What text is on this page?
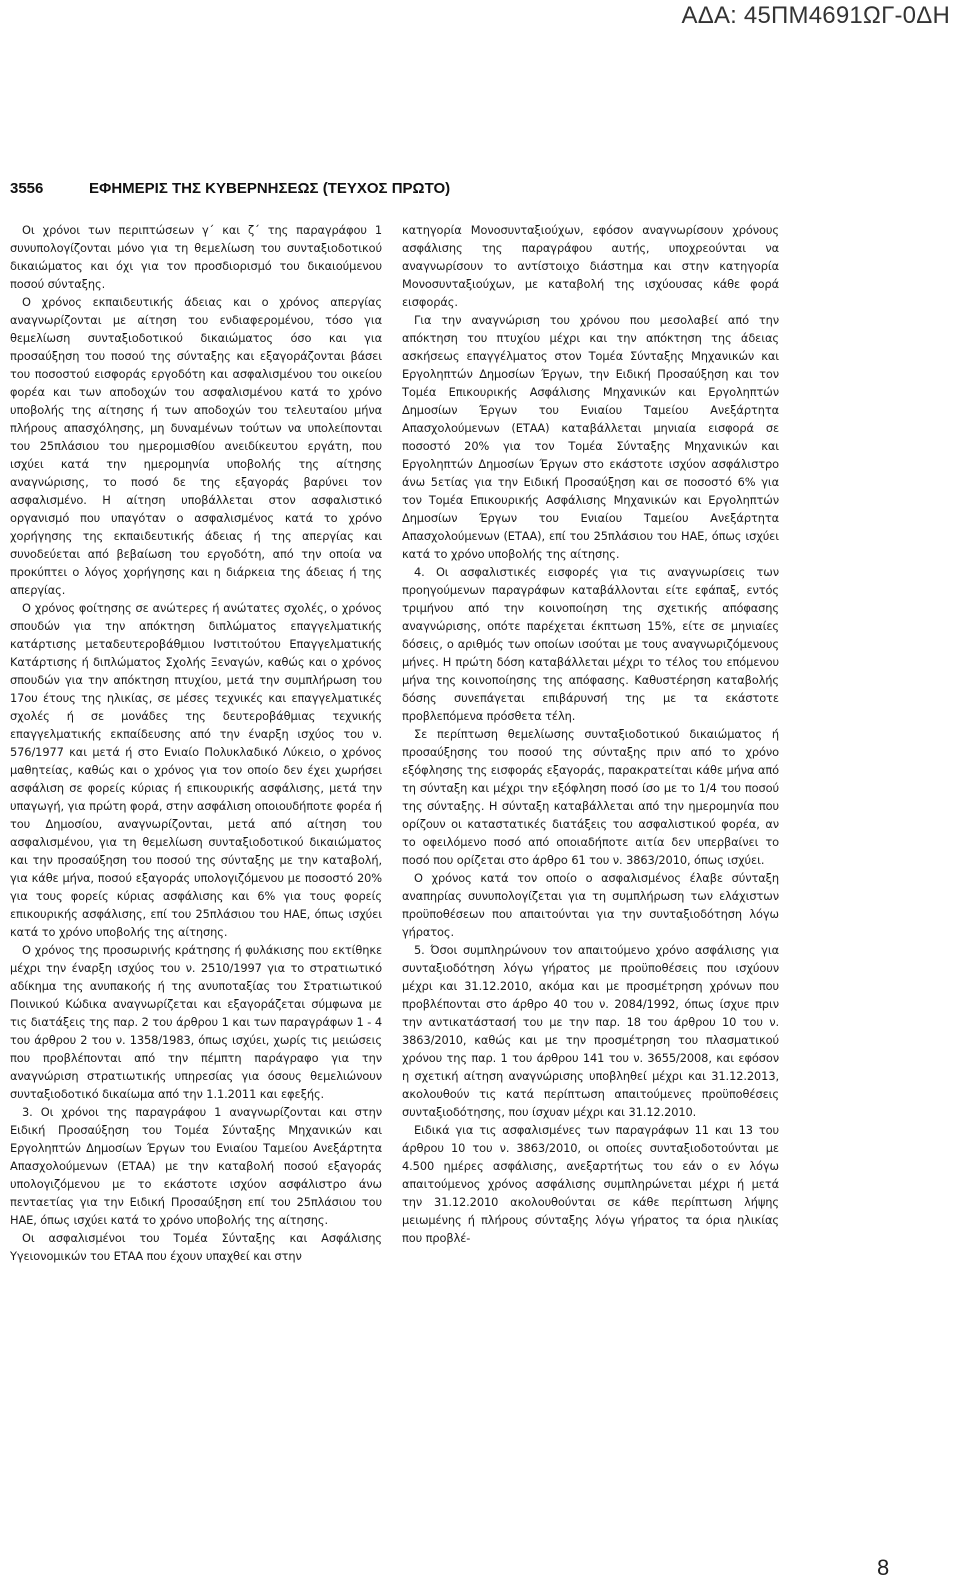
ΑΔΑ: 45ΠΜ4691ΩΓ-0ΔΗ
3556	ΕΦΗΜΕΡΙΣ ΤΗΣ ΚΥΒΕΡΝΗΣΕΩΣ (ΤΕΥΧΟΣ ΠΡΩΤΟ)

Οι χρόνοι των περιπτώσεων γ΄ και ζ΄ της παραγράφου 1 συνυπολογίζονται μόνο για τη θεμελίωση του συνταξιοδοτικού δικαιώματος και όχι για τον προσδιορισμό του δικαιούμενου ποσού σύνταξης.

Ο χρόνος εκπαιδευτικής άδειας και ο χρόνος απεργίας αναγνωρίζονται με αίτηση του ενδιαφερομένου, τόσο για θεμελίωση συνταξιοδοτικού δικαιώματος όσο και για προσαύξηση του ποσού της σύνταξης και εξαγοράζονται βάσει του ποσοστού εισφοράς εργοδότη και ασφαλισμένου του οικείου φορέα και των αποδοχών του ασφαλισμένου κατά το χρόνο υποβολής της αίτησης ή των αποδοχών του τελευταίου μήνα πλήρους απασχόλησης, μη δυναμένων τούτων να υπολείπονται του 25πλάσιου του ημερομισθίου ανειδίκευτου εργάτη, που ισχύει κατά την ημερομηνία υποβολής της αίτησης αναγνώρισης, το ποσό δε της εξαγοράς βαρύνει τον ασφαλισμένο. Η αίτηση υποβάλλεται στον ασφαλιστικό οργανισμό που υπαγόταν ο ασφαλισμένος κατά το χρόνο χορήγησης της εκπαιδευτικής άδειας ή της απεργίας και συνοδεύεται από βεβαίωση του εργοδότη, από την οποία να προκύπτει ο λόγος χορήγησης και η διάρκεια της άδειας ή της απεργίας.

Ο χρόνος φοίτησης σε ανώτερες ή ανώτατες σχολές, ο χρόνος σπουδών για την απόκτηση διπλώματος επαγγελματικής κατάρτισης μεταδευτεροβάθμιου Ινστιτούτου Επαγγελματικής Κατάρτισης ή διπλώματος Σχολής Ξεναγών, καθώς και ο χρόνος σπουδών για την απόκτηση πτυχίου, μετά την συμπλήρωση του 17ου έτους της ηλικίας, σε μέσες τεχνικές και επαγγελματικές σχολές ή σε μονάδες της δευτεροβάθμιας τεχνικής επαγγελματικής εκπαίδευσης από την έναρξη ισχύος του ν. 576/1977 και μετά ή στο Ενιαίο Πολυκλαδικό Λύκειο, ο χρόνος μαθητείας, καθώς και ο χρόνος για τον οποίο δεν έχει χωρήσει ασφάλιση σε φορείς κύριας ή επικουρικής ασφάλισης, μετά την υπαγωγή, για πρώτη φορά, στην ασφάλιση οποιουδήποτε φορέα ή του Δημοσίου, αναγνωρίζονται, μετά από αίτηση του ασφαλισμένου, για τη θεμελίωση συνταξιοδοτικού δικαιώματος και την προσαύξηση του ποσού της σύνταξης με την καταβολή, για κάθε μήνα, ποσού εξαγοράς υπολογιζόμενου με ποσοστό 20% για τους φορείς κύριας ασφάλισης και 6% για τους φορείς επικουρικής ασφάλισης, επί του 25πλάσιου του ΗΑΕ, όπως ισχύει κατά το χρόνο υποβολής της αίτησης.

Ο χρόνος της προσωρινής κράτησης ή φυλάκισης που εκτίθηκε μέχρι την έναρξη ισχύος του ν. 2510/1997 για το στρατιωτικό αδίκημα της ανυπακοής ή της ανυποταξίας του Στρατιωτικού Ποινικού Κώδικα αναγνωρίζεται και εξαγοράζεται σύμφωνα με τις διατάξεις της παρ. 2 του άρθρου 1 και των παραγράφων 1 - 4 του άρθρου 2 του ν. 1358/1983, όπως ισχύει, χωρίς τις μειώσεις που προβλέπονται από την πέμπτη παράγραφο για την αναγνώριση στρατιωτικής υπηρεσίας για όσους θεμελιώνουν συνταξιοδοτικό δικαίωμα από την 1.1.2011 και εφεξής.

3. Οι χρόνοι της παραγράφου 1 αναγνωρίζονται και στην Ειδική Προσαύξηση του Τομέα Σύνταξης Μηχανικών και Εργοληπτών Δημοσίων Έργων του Ενιαίου Ταμείου Ανεξάρτητα Απασχολούμενων (ΕΤΑΑ) με την καταβολή ποσού εξαγοράς υπολογιζόμενου με το εκάστοτε ισχύον ασφάλιστρο άνω πενταετίας για την Ειδική Προσαύξηση επί του 25πλάσιου του ΗΑΕ, όπως ισχύει κατά το χρόνο υποβολής της αίτησης.

Οι ασφαλισμένοι του Τομέα Σύνταξης και Ασφάλισης Υγειονομικών του ΕΤΑΑ που έχουν υπαχθεί και στην

κατηγορία Μονοσυνταξιούχων, εφόσον αναγνωρίσουν χρόνους ασφάλισης της παραγράφου αυτής, υποχρεούνται να αναγνωρίσουν το αντίστοιχο διάστημα και στην κατηγορία Μονοσυνταξιούχων, με καταβολή της ισχύουσας κάθε φορά εισφοράς.

Για την αναγνώριση του χρόνου που μεσολαβεί από την απόκτηση του πτυχίου μέχρι και την απόκτηση της άδειας ασκήσεως επαγγέλματος στον Τομέα Σύνταξης Μηχανικών και Εργοληπτών Δημοσίων Έργων, την Ειδική Προσαύξηση και τον Τομέα Επικουρικής Ασφάλισης Μηχανικών και Εργοληπτών Δημοσίων Έργων του Ενιαίου Ταμείου Ανεξάρτητα Απασχολούμενων (ΕΤΑΑ) καταβάλλεται μηνιαία εισφορά σε ποσοστό 20% για τον Τομέα Σύνταξης Μηχανικών και Εργοληπτών Δημοσίων Έργων στο εκάστοτε ισχύον ασφάλιστρο άνω 5ετίας για την Ειδική Προσαύξηση και σε ποσοστό 6% για τον Τομέα Επικουρικής Ασφάλισης Μηχανικών και Εργοληπτών Δημοσίων Έργων του Ενιαίου Ταμείου Ανεξάρτητα Απασχολούμενων (ΕΤΑΑ), επί του 25πλάσιου του ΗΑΕ, όπως ισχύει κατά το χρόνο υποβολής της αίτησης.

4. Οι ασφαλιστικές εισφορές για τις αναγνωρίσεις των προηγούμενων παραγράφων καταβάλλονται είτε εφάπαξ, εντός τριμήνου από την κοινοποίηση της σχετικής απόφασης αναγνώρισης, οπότε παρέχεται έκπτωση 15%, είτε σε μηνιαίες δόσεις, ο αριθμός των οποίων ισούται με τους αναγνωριζόμενους μήνες. Η πρώτη δόση καταβάλλεται μέχρι το τέλος του επόμενου μήνα της κοινοποίησης της απόφασης. Καθυστέρηση καταβολής δόσης συνεπάγεται επιβάρυνσή της με τα εκάστοτε προβλεπόμενα πρόσθετα τέλη.

Σε περίπτωση θεμελίωσης συνταξιοδοτικού δικαιώματος ή προσαύξησης του ποσού της σύνταξης πριν από το χρόνο εξόφλησης της εισφοράς εξαγοράς, παρακρατείται κάθε μήνα από τη σύνταξη και μέχρι την εξόφληση ποσό ίσο με το 1/4 του ποσού της σύνταξης. Η σύνταξη καταβάλλεται από την ημερομηνία που ορίζουν οι καταστατικές διατάξεις του ασφαλιστικού φορέα, αν το οφειλόμενο ποσό από οποιαδήποτε αιτία δεν υπερβαίνει το ποσό που ορίζεται στο άρθρο 61 του ν. 3863/2010, όπως ισχύει.

Ο χρόνος κατά τον οποίο ο ασφαλισμένος έλαβε σύνταξη αναπηρίας συνυπολογίζεται για τη συμπλήρωση των ελάχιστων προϋποθέσεων που απαιτούνται για την συνταξιοδότηση λόγω γήρατος.

5. Όσοι συμπληρώνουν τον απαιτούμενο χρόνο ασφάλισης για συνταξιοδότηση λόγω γήρατος με προϋποθέσεις που ισχύουν μέχρι και 31.12.2010, ακόμα και με προσμέτρηση χρόνων που προβλέπονται στο άρθρο 40 του ν. 2084/1992, όπως ίσχυε πριν την αντικατάστασή του με την παρ. 18 του άρθρου 10 του ν. 3863/2010, καθώς και με την προσμέτρηση του πλασματικού χρόνου της παρ. 1 του άρθρου 141 του ν. 3655/2008, και εφόσον η σχετική αίτηση αναγνώρισης υποβληθεί μέχρι και 31.12.2013, ακολουθούν τις κατά περίπτωση απαιτούμενες προϋποθέσεις συνταξιοδότησης, που ίσχυαν μέχρι και 31.12.2010.

Ειδικά για τις ασφαλισμένες των παραγράφων 11 και 13 του άρθρου 10 του ν. 3863/2010, οι οποίες συνταξιοδοτούνται με 4.500 ημέρες ασφάλισης, ανεξαρτήτως του εάν ο εν λόγω απαιτούμενος χρόνος ασφάλισης συμπληρώνεται μέχρι ή μετά την 31.12.2010 ακολουθούνται σε κάθε περίπτωση λήψης μειωμένης ή πλήρους σύνταξης λόγω γήρατος τα όρια ηλικίας που προβλέ-

8
